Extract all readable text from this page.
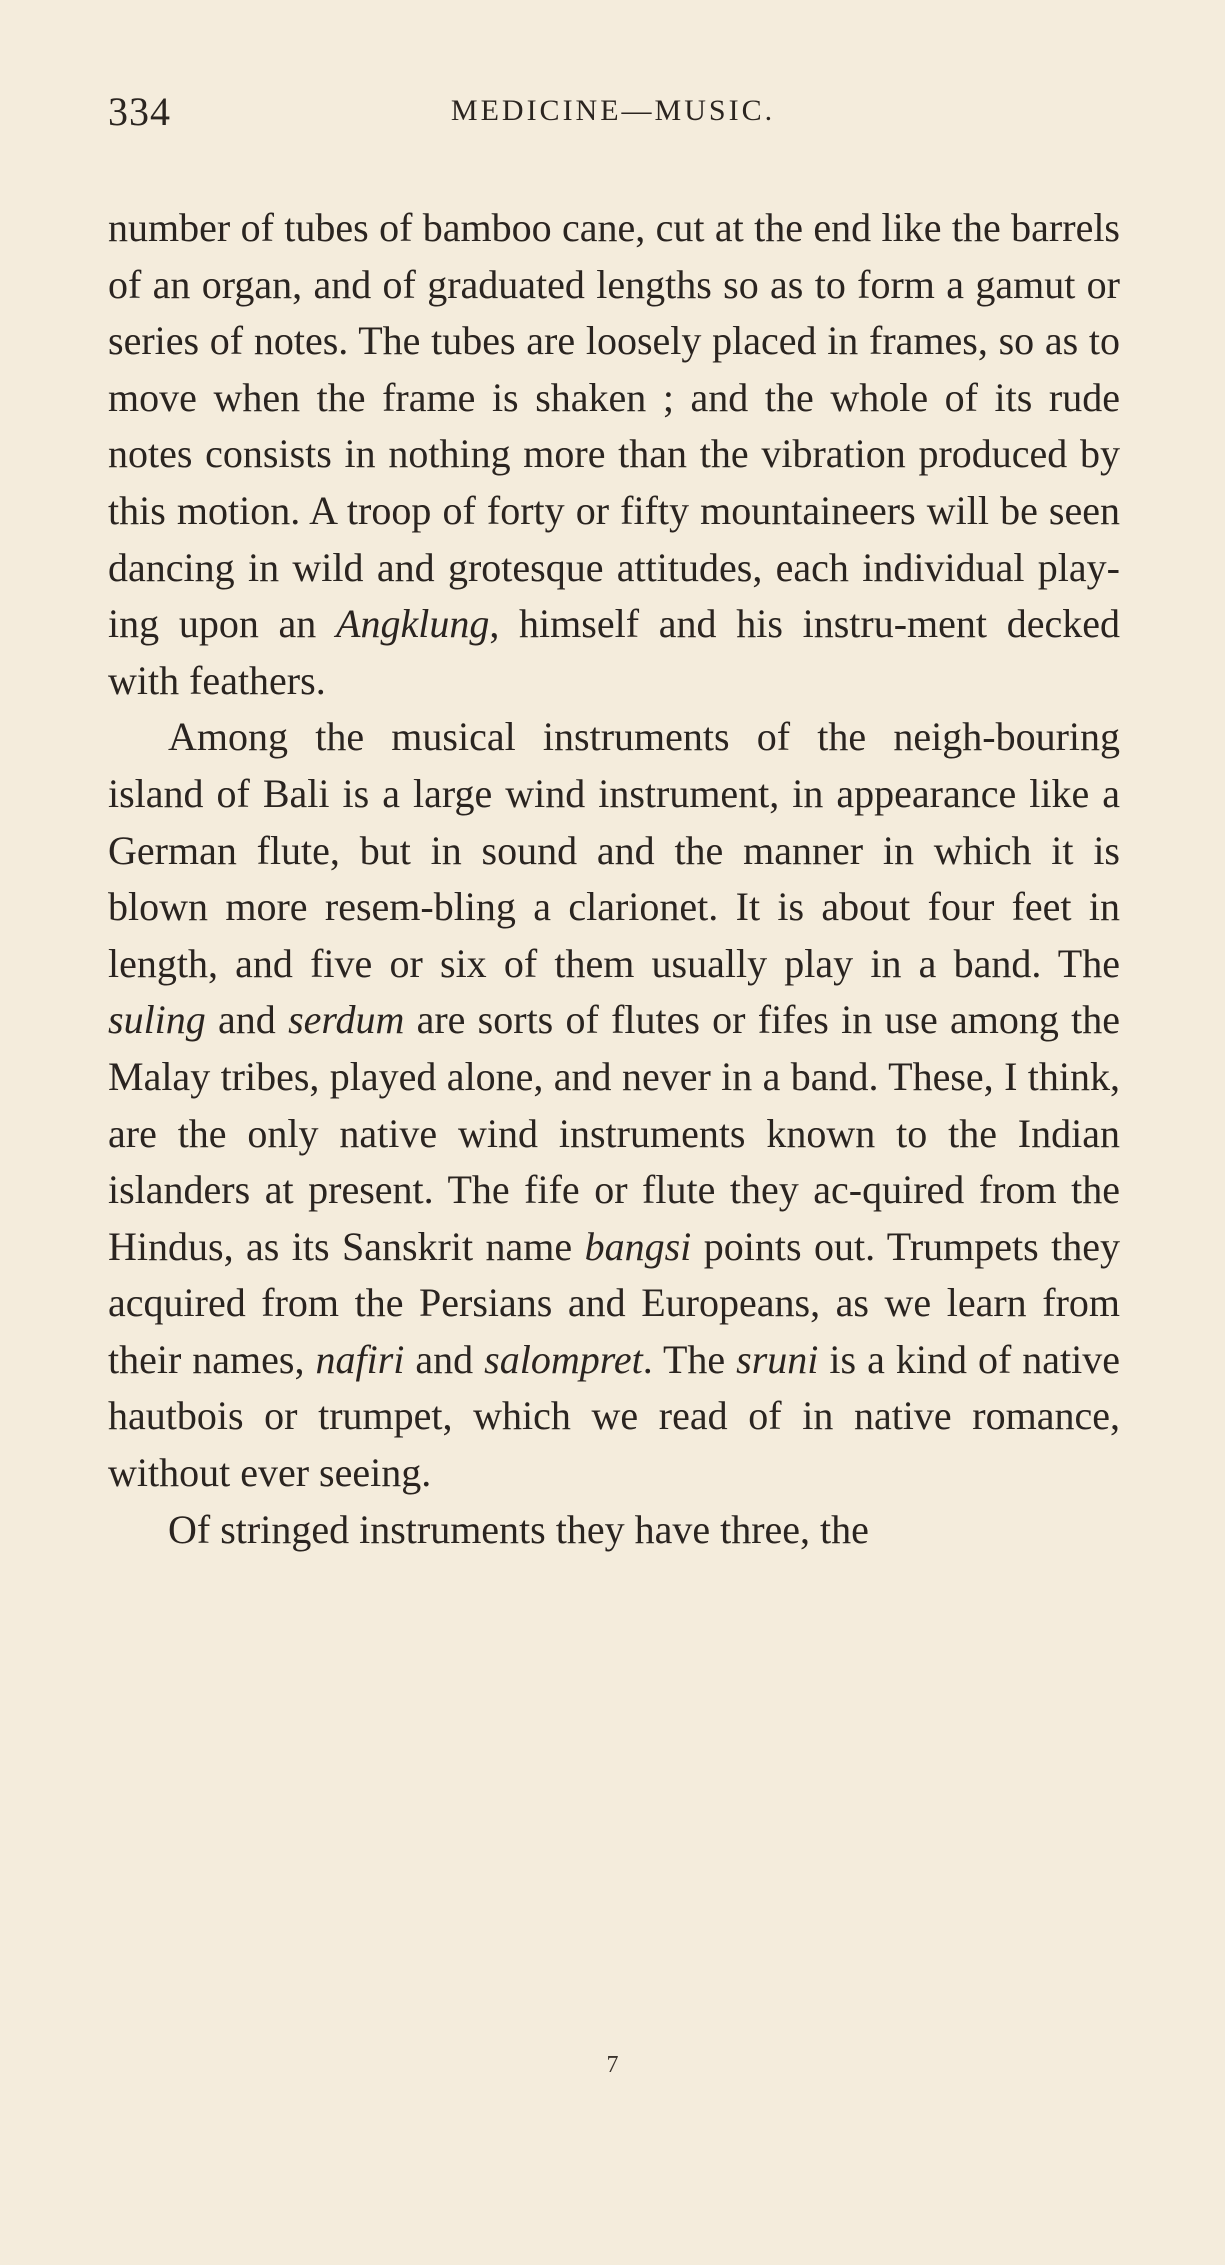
334	MEDICINE—MUSIC.

number of tubes of bamboo cane, cut at the end like the barrels of an organ, and of graduated lengths so as to form a gamut or series of notes. The tubes are loosely placed in frames, so as to move when the frame is shaken ; and the whole of its rude notes consists in nothing more than the vibration produced by this motion. A troop of forty or fifty mountaineers will be seen dancing in wild and grotesque attitudes, each individual play-ing upon an Angklung, himself and his instru-ment decked with feathers.

Among the musical instruments of the neigh-bouring island of Bali is a large wind instrument, in appearance like a German flute, but in sound and the manner in which it is blown more resem-bling a clarionet. It is about four feet in length, and five or six of them usually play in a band. The suling and serdum are sorts of flutes or fifes in use among the Malay tribes, played alone, and never in a band. These, I think, are the only native wind instruments known to the Indian islanders at present. The fife or flute they ac-quired from the Hindus, as its Sanskrit name bangsi points out. Trumpets they acquired from the Persians and Europeans, as we learn from their names, nafiri and salompret. The sruni is a kind of native hautbois or trumpet, which we read of in native romance, without ever seeing.

Of stringed instruments they have three, the

7
